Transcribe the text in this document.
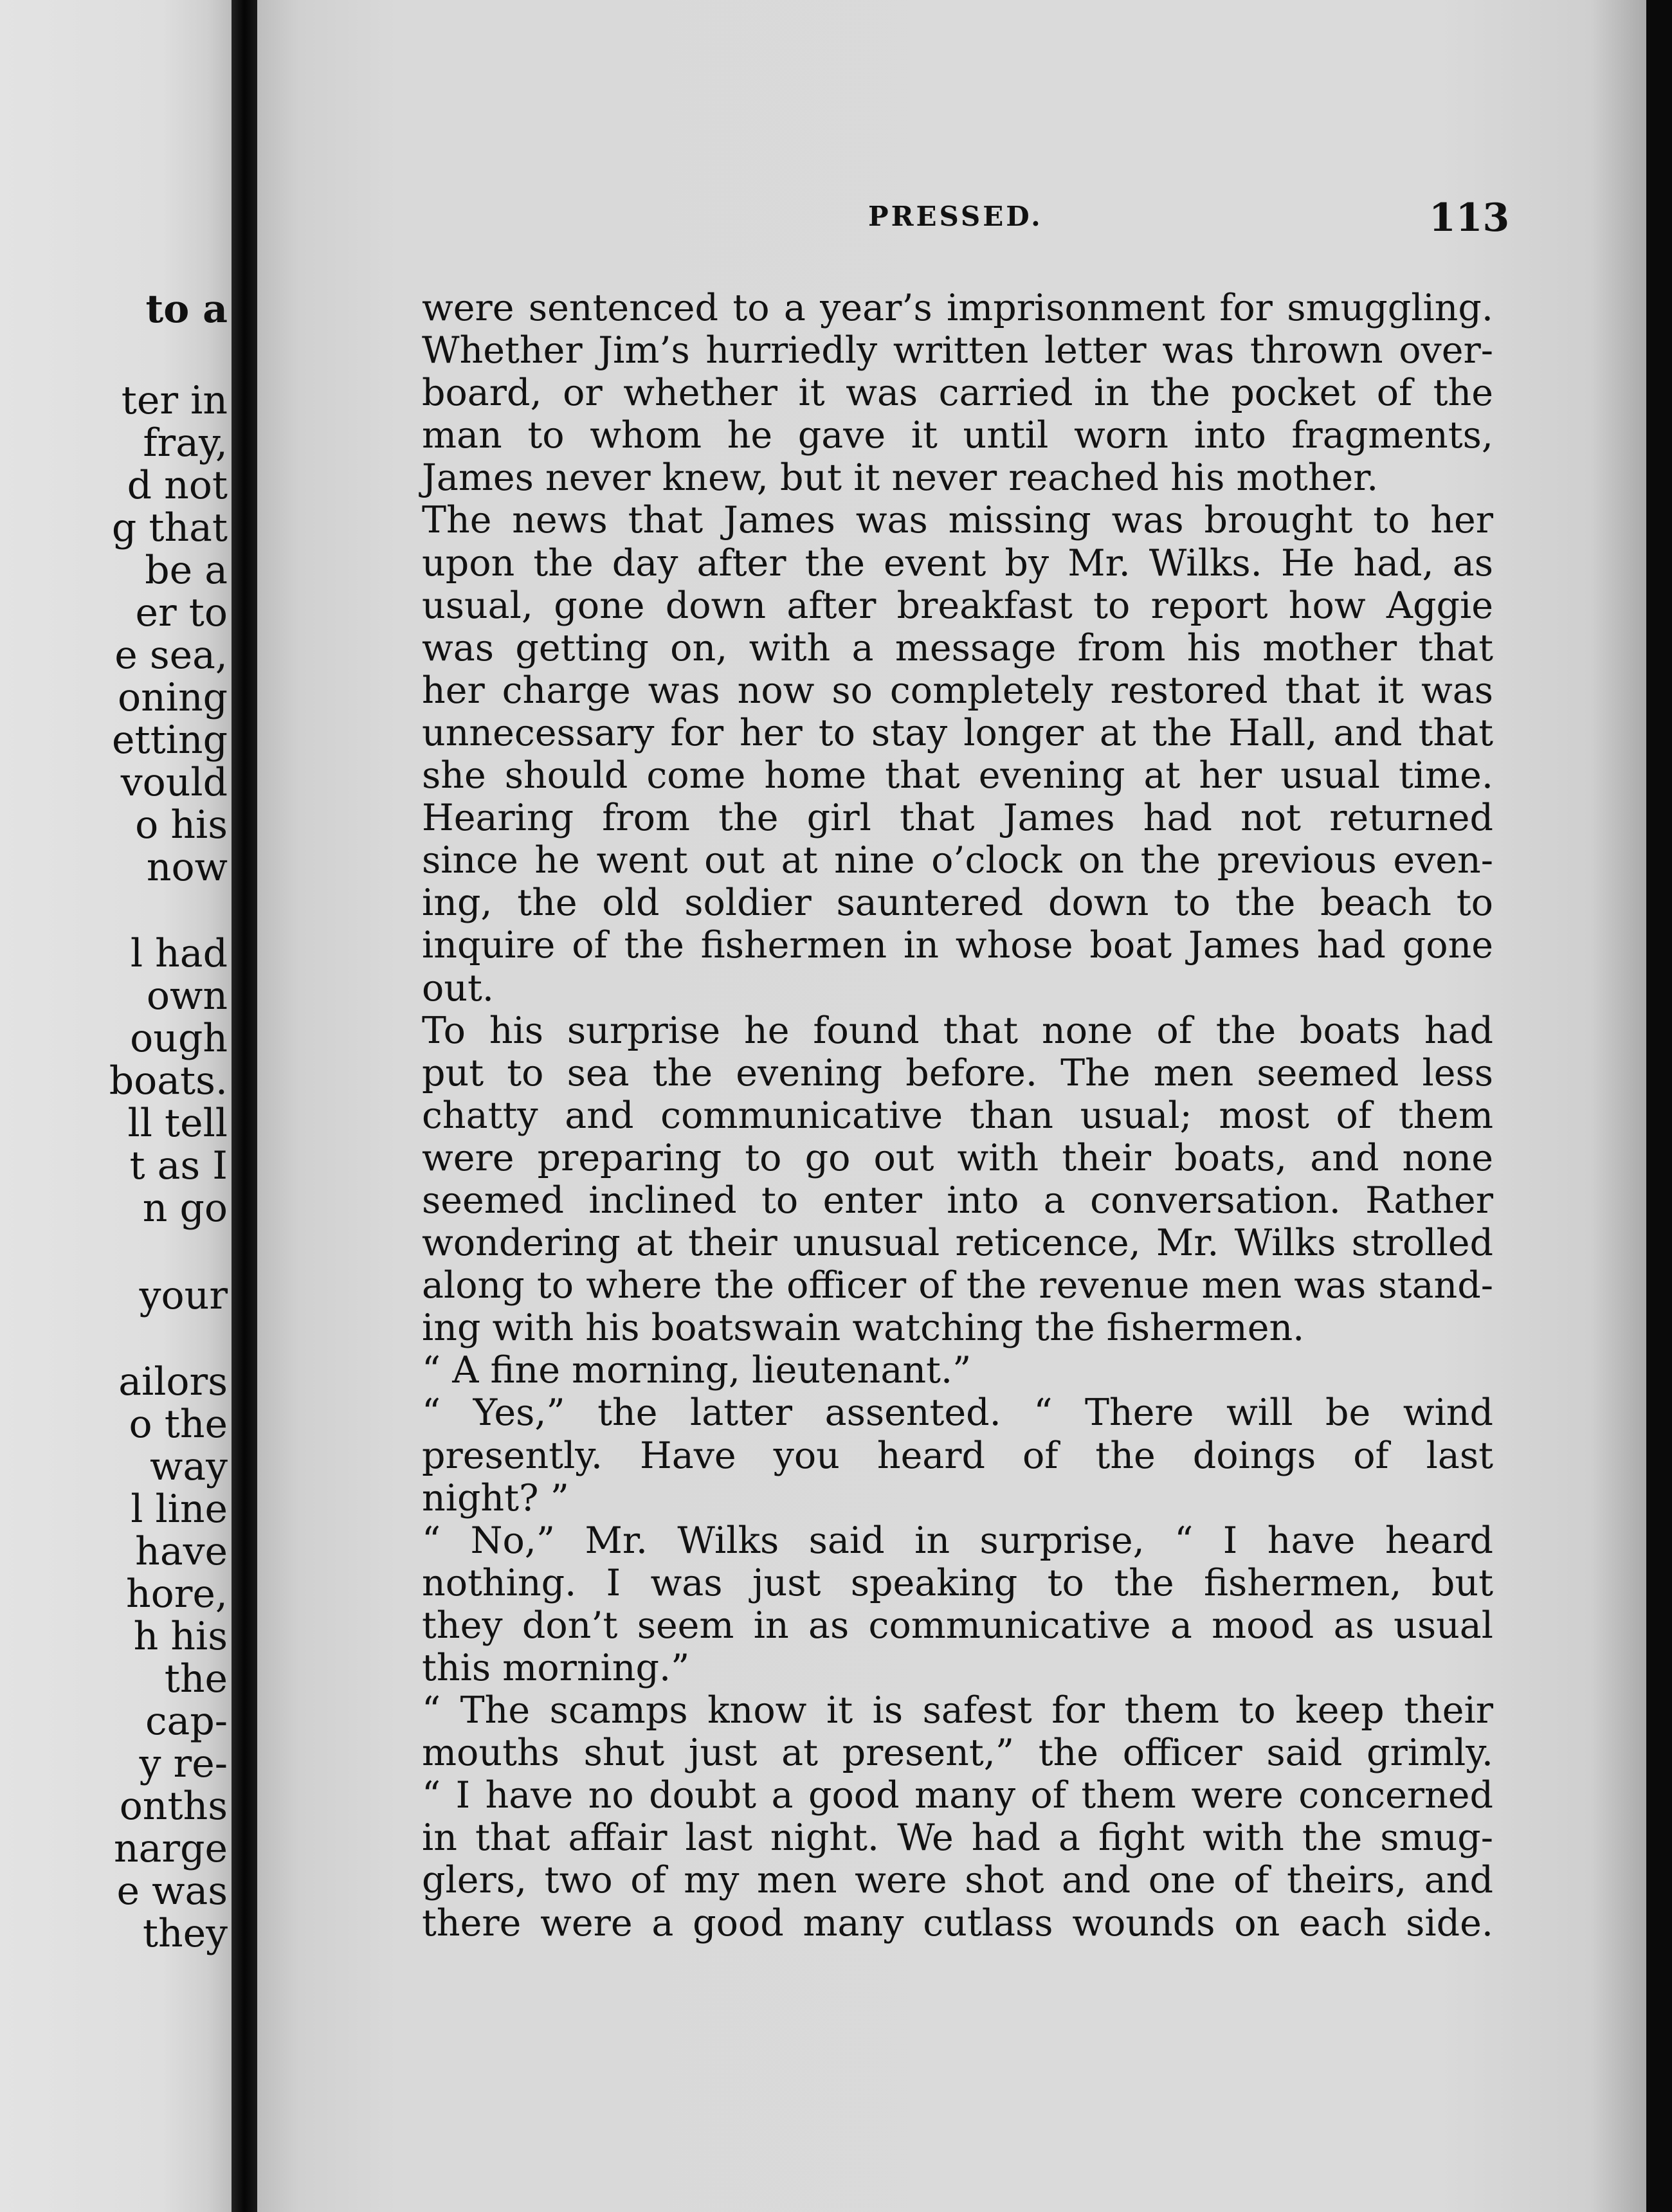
to a
ter in
fray,
d not
g that
be a
er to
e sea,
oning
etting
vould
o his
now
l had
own
ough
boats.
ll tell
t as I
n go
your
ailors
o the
way
l line
have
hore,
h his
the
cap-
y re-
onths
narge
e was
they
PRESSED.	113
were sentenced to a year’s imprisonment for smuggling.
Whether Jim’s hurriedly written letter was thrown over-
board, or whether it was carried in the pocket of the
man to whom he gave it until worn into fragments,
James never knew, but it never reached his mother.
The news that James was missing was brought to her
upon the day after the event by Mr. Wilks. He had, as
usual, gone down after breakfast to report how Aggie
was getting on, with a message from his mother that
her charge was now so completely restored that it was
unnecessary for her to stay longer at the Hall, and that
she should come home that evening at her usual time.
Hearing from the girl that James had not returned
since he went out at nine o’clock on the previous even-
ing, the old soldier sauntered down to the beach to
inquire of the fishermen in whose boat James had gone
out.
To his surprise he found that none of the boats had
put to sea the evening before. The men seemed less
chatty and communicative than usual; most of them
were preparing to go out with their boats, and none
seemed inclined to enter into a conversation. Rather
wondering at their unusual reticence, Mr. Wilks strolled
along to where the officer of the revenue men was stand-
ing with his boatswain watching the fishermen.
“ A fine morning, lieutenant.”
“ Yes,” the latter assented. “ There will be wind
presently. Have you heard of the doings of last
night? ”
“ No,” Mr. Wilks said in surprise, “ I have heard
nothing. I was just speaking to the fishermen, but
they don’t seem in as communicative a mood as usual
this morning.”
“ The scamps know it is safest for them to keep their
mouths shut just at present,” the officer said grimly.
“ I have no doubt a good many of them were concerned
in that affair last night. We had a fight with the smug-
glers, two of my men were shot and one of theirs, and
there were a good many cutlass wounds on each side.
